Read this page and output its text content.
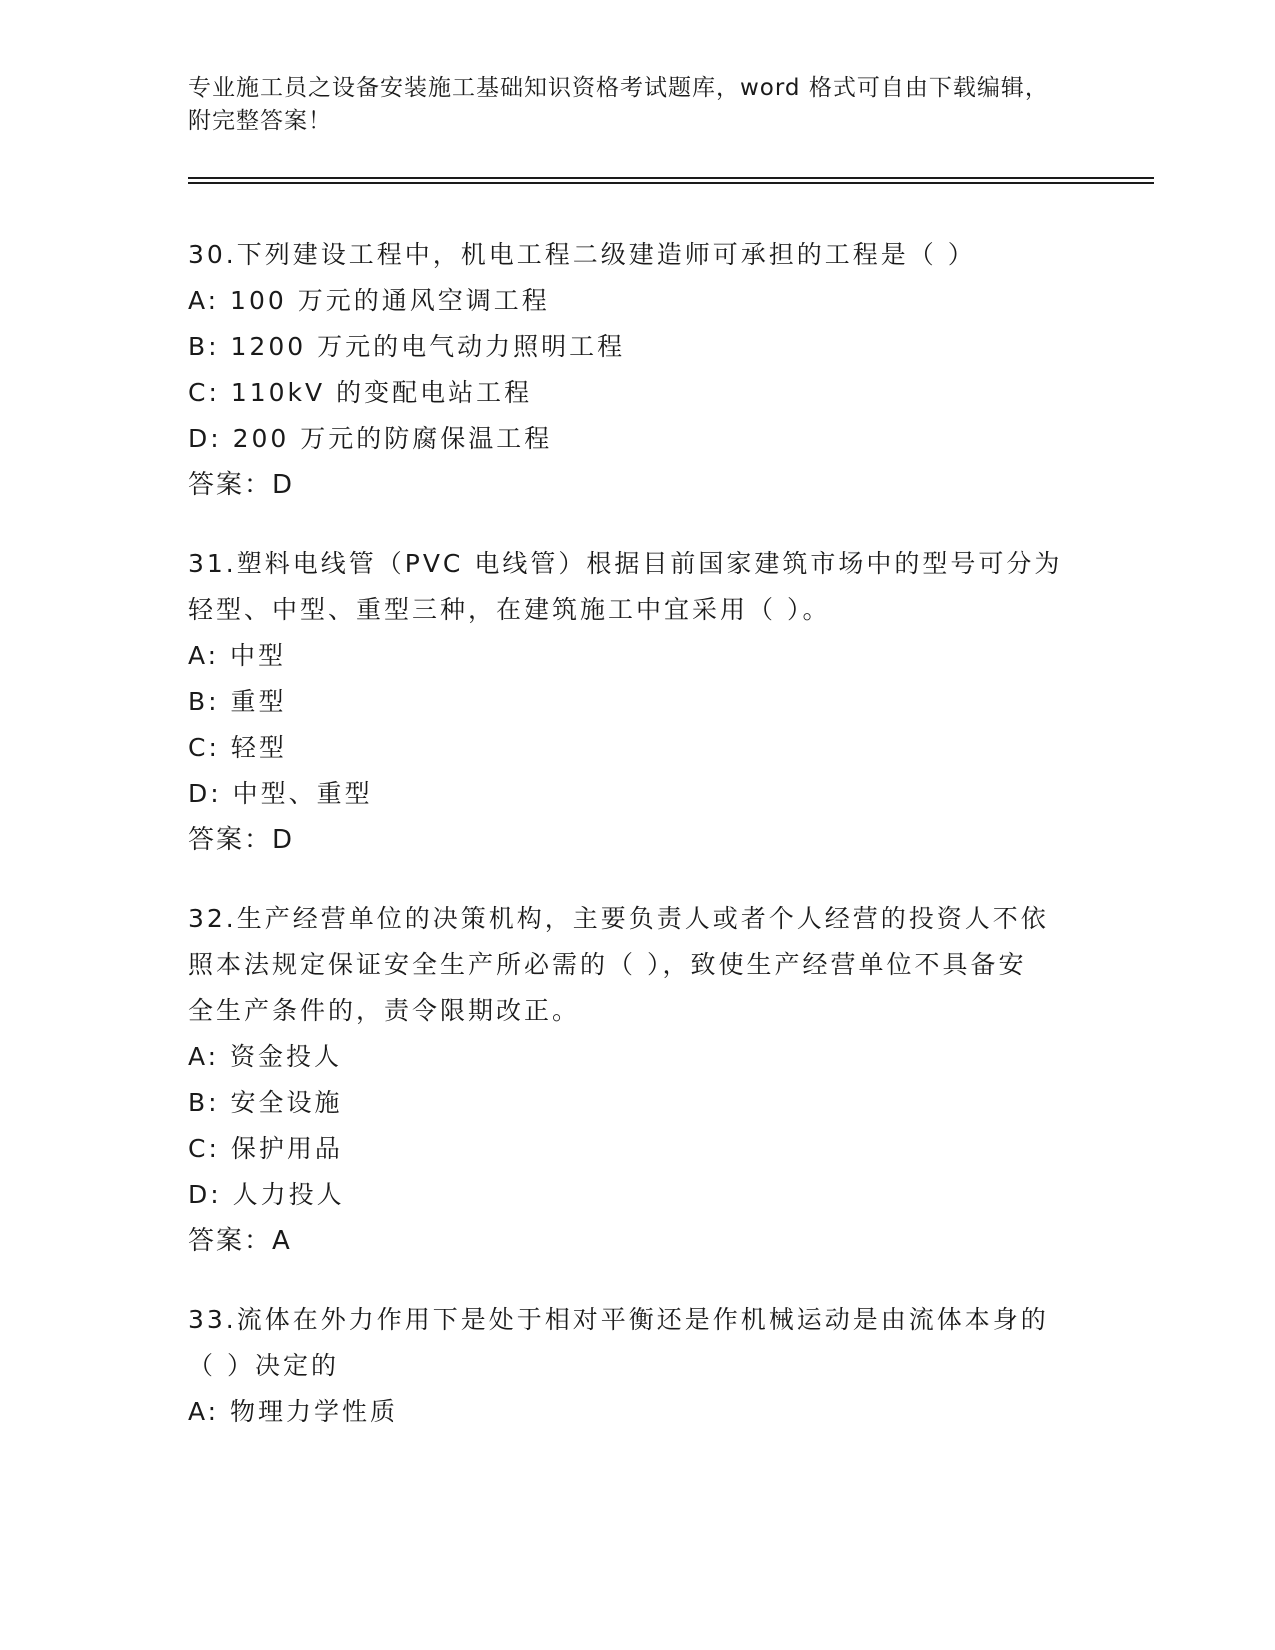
专业施工员之设备安装施工基础知识资格考试题库，word 格式可自由下载编辑，
附完整答案！
30.下列建设工程中，机电工程二级建造师可承担的工程是（ ）
A: 100 万元的通风空调工程
B: 1200 万元的电气动力照明工程
C: 110kV 的变配电站工程
D: 200 万元的防腐保温工程
答案：D
31.塑料电线管（PVC 电线管）根据目前国家建筑市场中的型号可分为
轻型、中型、重型三种，在建筑施工中宜采用（ ）。
A: 中型
B: 重型
C: 轻型
D: 中型、重型
答案：D
32.生产经营单位的决策机构，主要负责人或者个人经营的投资人不依
照本法规定保证安全生产所必需的（ ），致使生产经营单位不具备安
全生产条件的，责令限期改正。
A: 资金投人
B: 安全设施
C: 保护用品
D: 人力投人
答案：A
33.流体在外力作用下是处于相对平衡还是作机械运动是由流体本身的
（ ）决定的
A: 物理力学性质
